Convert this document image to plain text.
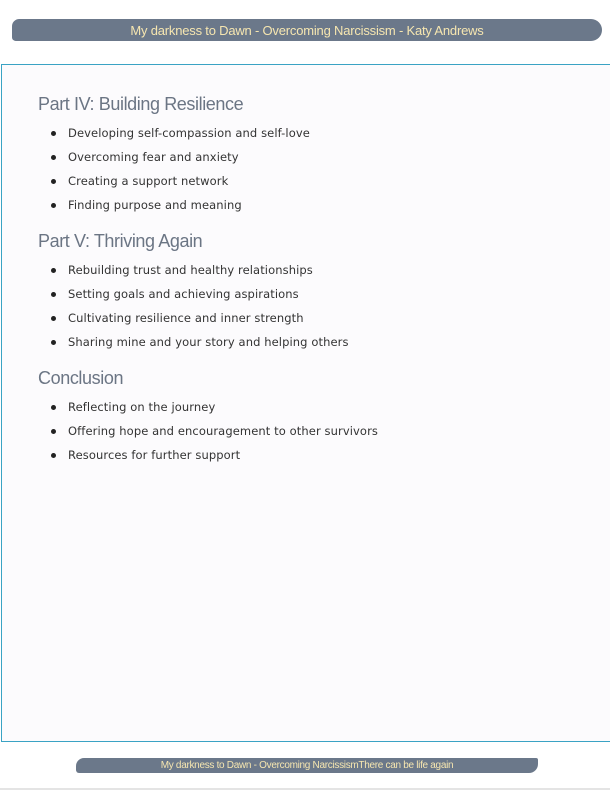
My darkness to Dawn - Overcoming Narcissism - Katy Andrews
Part IV: Building Resilience
Developing self-compassion and self-love
Overcoming fear and anxiety
Creating a support network
Finding purpose and meaning
Part V: Thriving Again
Rebuilding trust and healthy relationships
Setting goals and achieving aspirations
Cultivating resilience and inner strength
Sharing mine and your story and helping others
Conclusion
Reflecting on the journey
Offering hope and encouragement to other survivors
Resources for further support
My darkness to Dawn - Overcoming NarcissismThere can be life again
